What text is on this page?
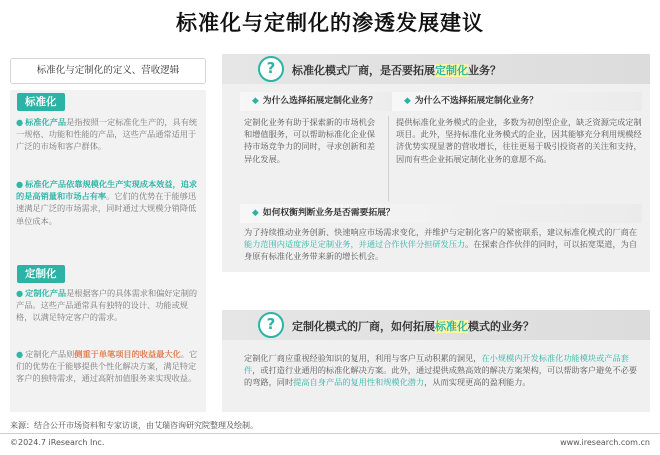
标准化与定制化的渗透发展建议
标准化与定制化的定义、营收逻辑
标准化
● 标准化产品是指按照一定标准化生产的，具有统一规格、功能和性能的产品，这些产品通常适用于广泛的市场和客户群体。
● 标准化产品依靠规模化生产实现成本效益，追求的是高销量和市场占有率。它们的优势在于能够迅速满足广泛的市场需求，同时通过大规模分销降低单位成本。
定制化
● 定制化产品是根据客户的具体需求和偏好定制的产品。这些产品通常具有独特的设计、功能或规格，以满足特定客户的需求。
● 定制化产品则侧重于单笔项目的收益最大化。它们的优势在于能够提供个性化解决方案，满足特定客户的独特需求，通过高附加值服务来实现收益。
?	标准化模式厂商，是否要拓展定制化业务？
◆ 为什么选择拓展定制化业务？	◆ 为什么不选择拓展定制化业务？
定制化业务有助于探索新的市场机会和增值服务，可以帮助标准化企业保持市场竞争力的同时，寻求创新和差异化发展。
提供标准化业务模式的企业，多数为初创型企业，缺乏资源完成定制项目。此外，坚持标准化业务模式的企业，因其能够充分利用规模经济优势实现显著的营收增长，往往更易于吸引投资者的关注和支持，因而有些企业拓展定制化业务的意愿不高。
◆ 如何权衡判断业务是否需要拓展？
为了持续推动业务创新、快速响应市场需求变化，并维护与定制化客户的紧密联系，建议标准化模式的厂商在能力范围内适度涉足定制业务，并通过合作伙伴分担研发压力。在探索合作伙伴的同时，可以拓宽渠道，为自身原有标准化业务带来新的增长机会。
?	定制化模式的厂商，如何拓展标准化模式的业务？
定制化厂商应重视经验知识的复用，利用与客户互动积累的洞见，在小规模内开发标准化功能模块或产品套件，或打造行业通用的标准化解决方案。此外，通过提供成熟高效的解决方案架构，可以帮助客户避免不必要的弯路，同时提高自身产品的复用性和规模化潜力，从而实现更高的盈利能力。
来源：结合公开市场资料和专家访谈，由艾瑞咨询研究院整理及绘制。
©2024.7 iResearch Inc.	www.iresearch.com.cn
